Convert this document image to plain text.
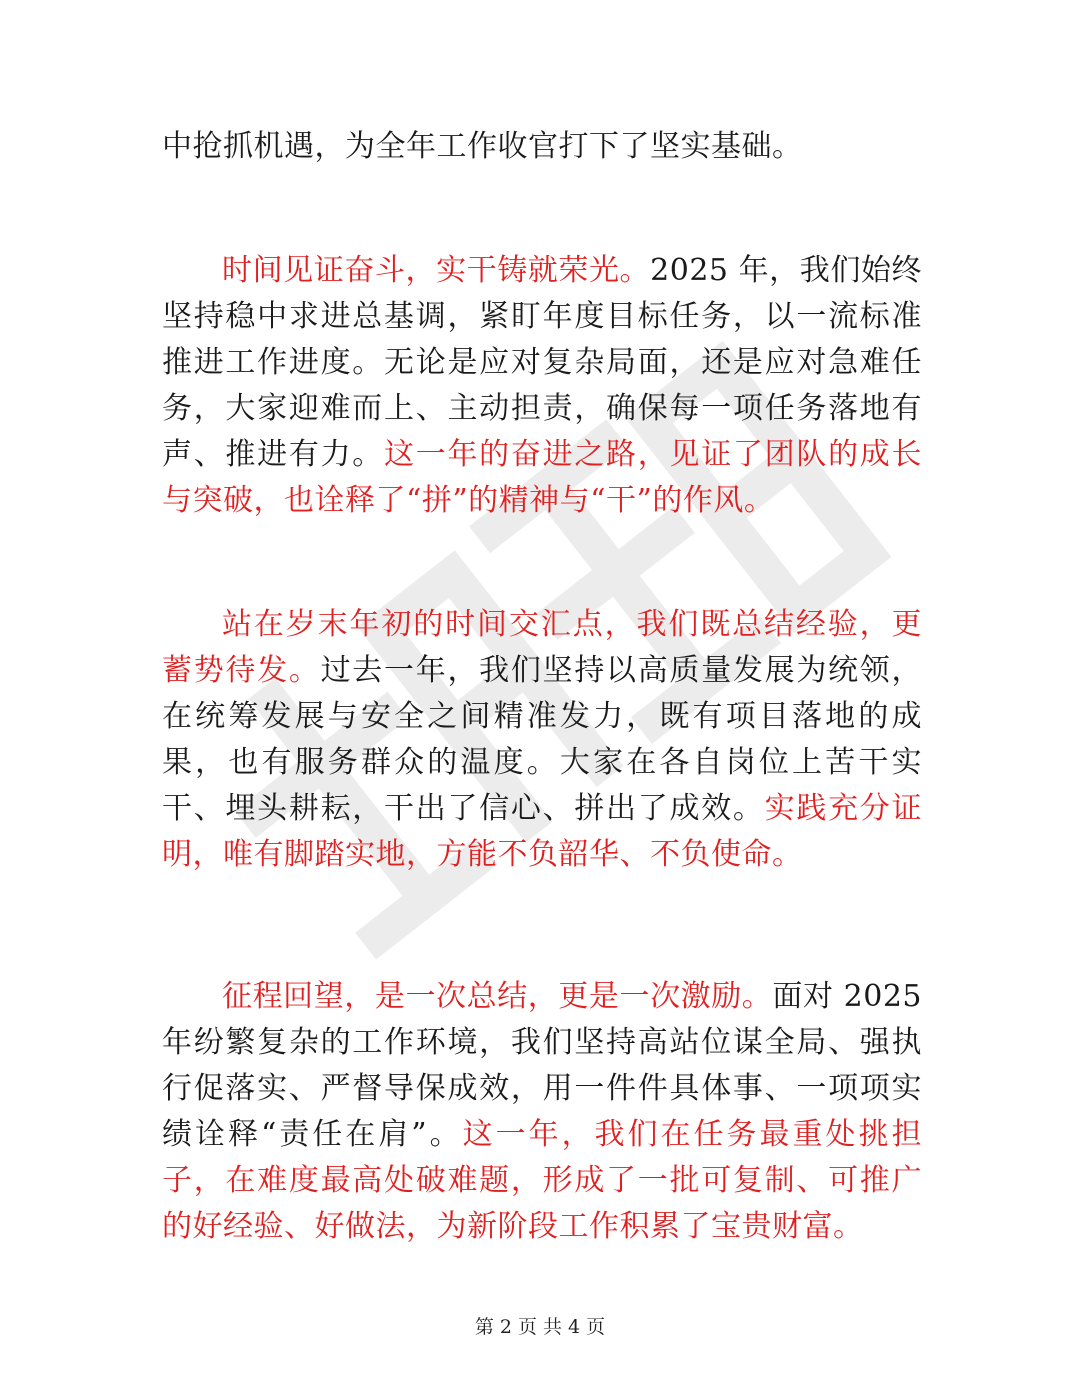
中抢抓机遇，为全年工作收官打下了坚实基础。

时间见证奋斗，实干铸就荣光。2025 年，我们始终坚持稳中求进总基调，紧盯年度目标任务，以一流标准推进工作进度。无论是应对复杂局面，还是应对急难任务，大家迎难而上、主动担责，确保每一项任务落地有声、推进有力。这一年的奋进之路，见证了团队的成长与突破，也诠释了“拼”的精神与“干”的作风。

站在岁末年初的时间交汇点，我们既总结经验，更蓄势待发。过去一年，我们坚持以高质量发展为统领，在统筹发展与安全之间精准发力，既有项目落地的成果，也有服务群众的温度。大家在各自岗位上苦干实干、埋头耕耘，干出了信心、拼出了成效。实践充分证明，唯有脚踏实地，方能不负韶华、不负使命。

征程回望，是一次总结，更是一次激励。面对 2025 年纷繁复杂的工作环境，我们坚持高站位谋全局、强执行促落实、严督导保成效，用一件件具体事、一项项实绩诠释“责任在肩”。这一年，我们在任务最重处挑担子，在难度最高处破难题，形成了一批可复制、可推广的好经验、好做法，为新阶段工作积累了宝贵财富。

第 2 页 共 4 页
